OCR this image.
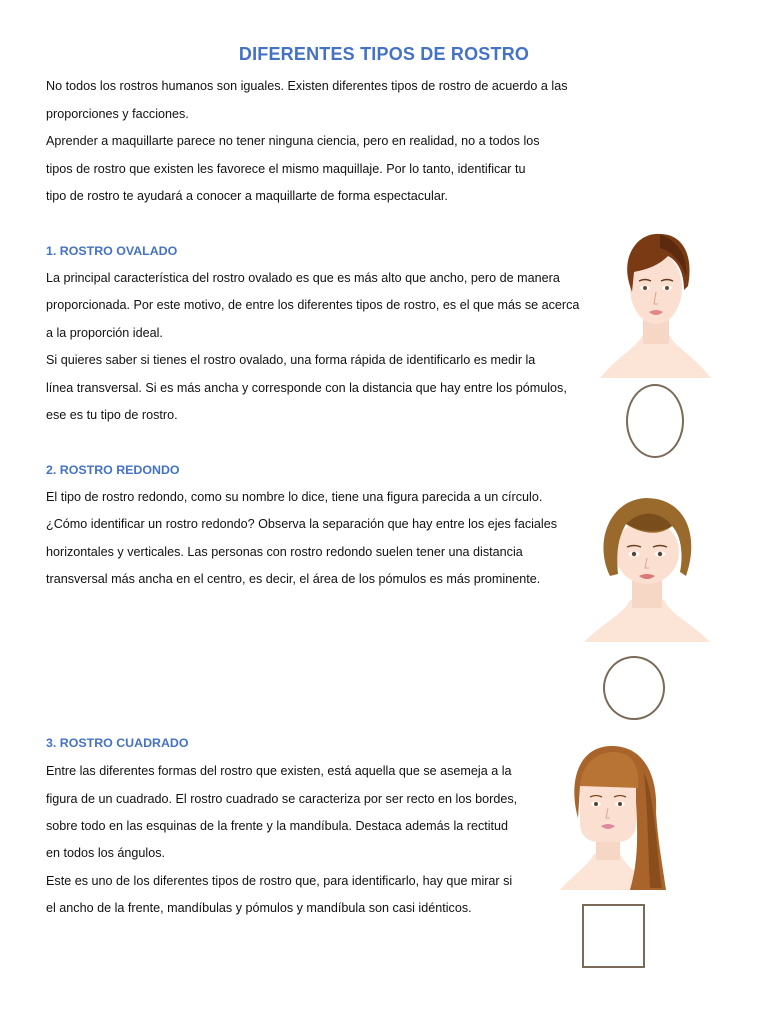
DIFERENTES TIPOS DE ROSTRO
No todos los rostros humanos son iguales. Existen diferentes tipos de rostro de acuerdo a las
proporciones y facciones.
Aprender a maquillarte parece no tener ninguna ciencia, pero en realidad, no a todos los
tipos de rostro que existen les favorece el mismo maquillaje. Por lo tanto, identificar tu
tipo de rostro te ayudará a conocer a maquillarte de forma espectacular.
1. ROSTRO OVALADO
La principal característica del rostro ovalado es que es más alto que ancho, pero de manera
proporcionada. Por este motivo, de entre los diferentes tipos de rostro, es el que más se acerca
a la proporción ideal.
Si quieres saber si tienes el rostro ovalado, una forma rápida de identificarlo es medir la
línea transversal. Si es más ancha y corresponde con la distancia que hay entre los pómulos,
ese es tu tipo de rostro.
2. ROSTRO REDONDO
El tipo de rostro redondo, como su nombre lo dice, tiene una figura parecida a un círculo.
¿Cómo identificar un rostro redondo? Observa la separación que hay entre los ejes faciales
horizontales y verticales. Las personas con rostro redondo suelen tener una distancia
transversal más ancha en el centro, es decir, el área de los pómulos es más prominente.
3. ROSTRO CUADRADO
Entre las diferentes formas del rostro que existen, está aquella que se asemeja a la
figura de un cuadrado. El rostro cuadrado se caracteriza por ser recto en los bordes,
sobre todo en las esquinas de la frente y la mandíbula. Destaca además la rectitud
en todos los ángulos.
Este es uno de los diferentes tipos de rostro que, para identificarlo, hay que mirar si
el ancho de la frente, mandíbulas y pómulos y mandíbula son casi idénticos.
